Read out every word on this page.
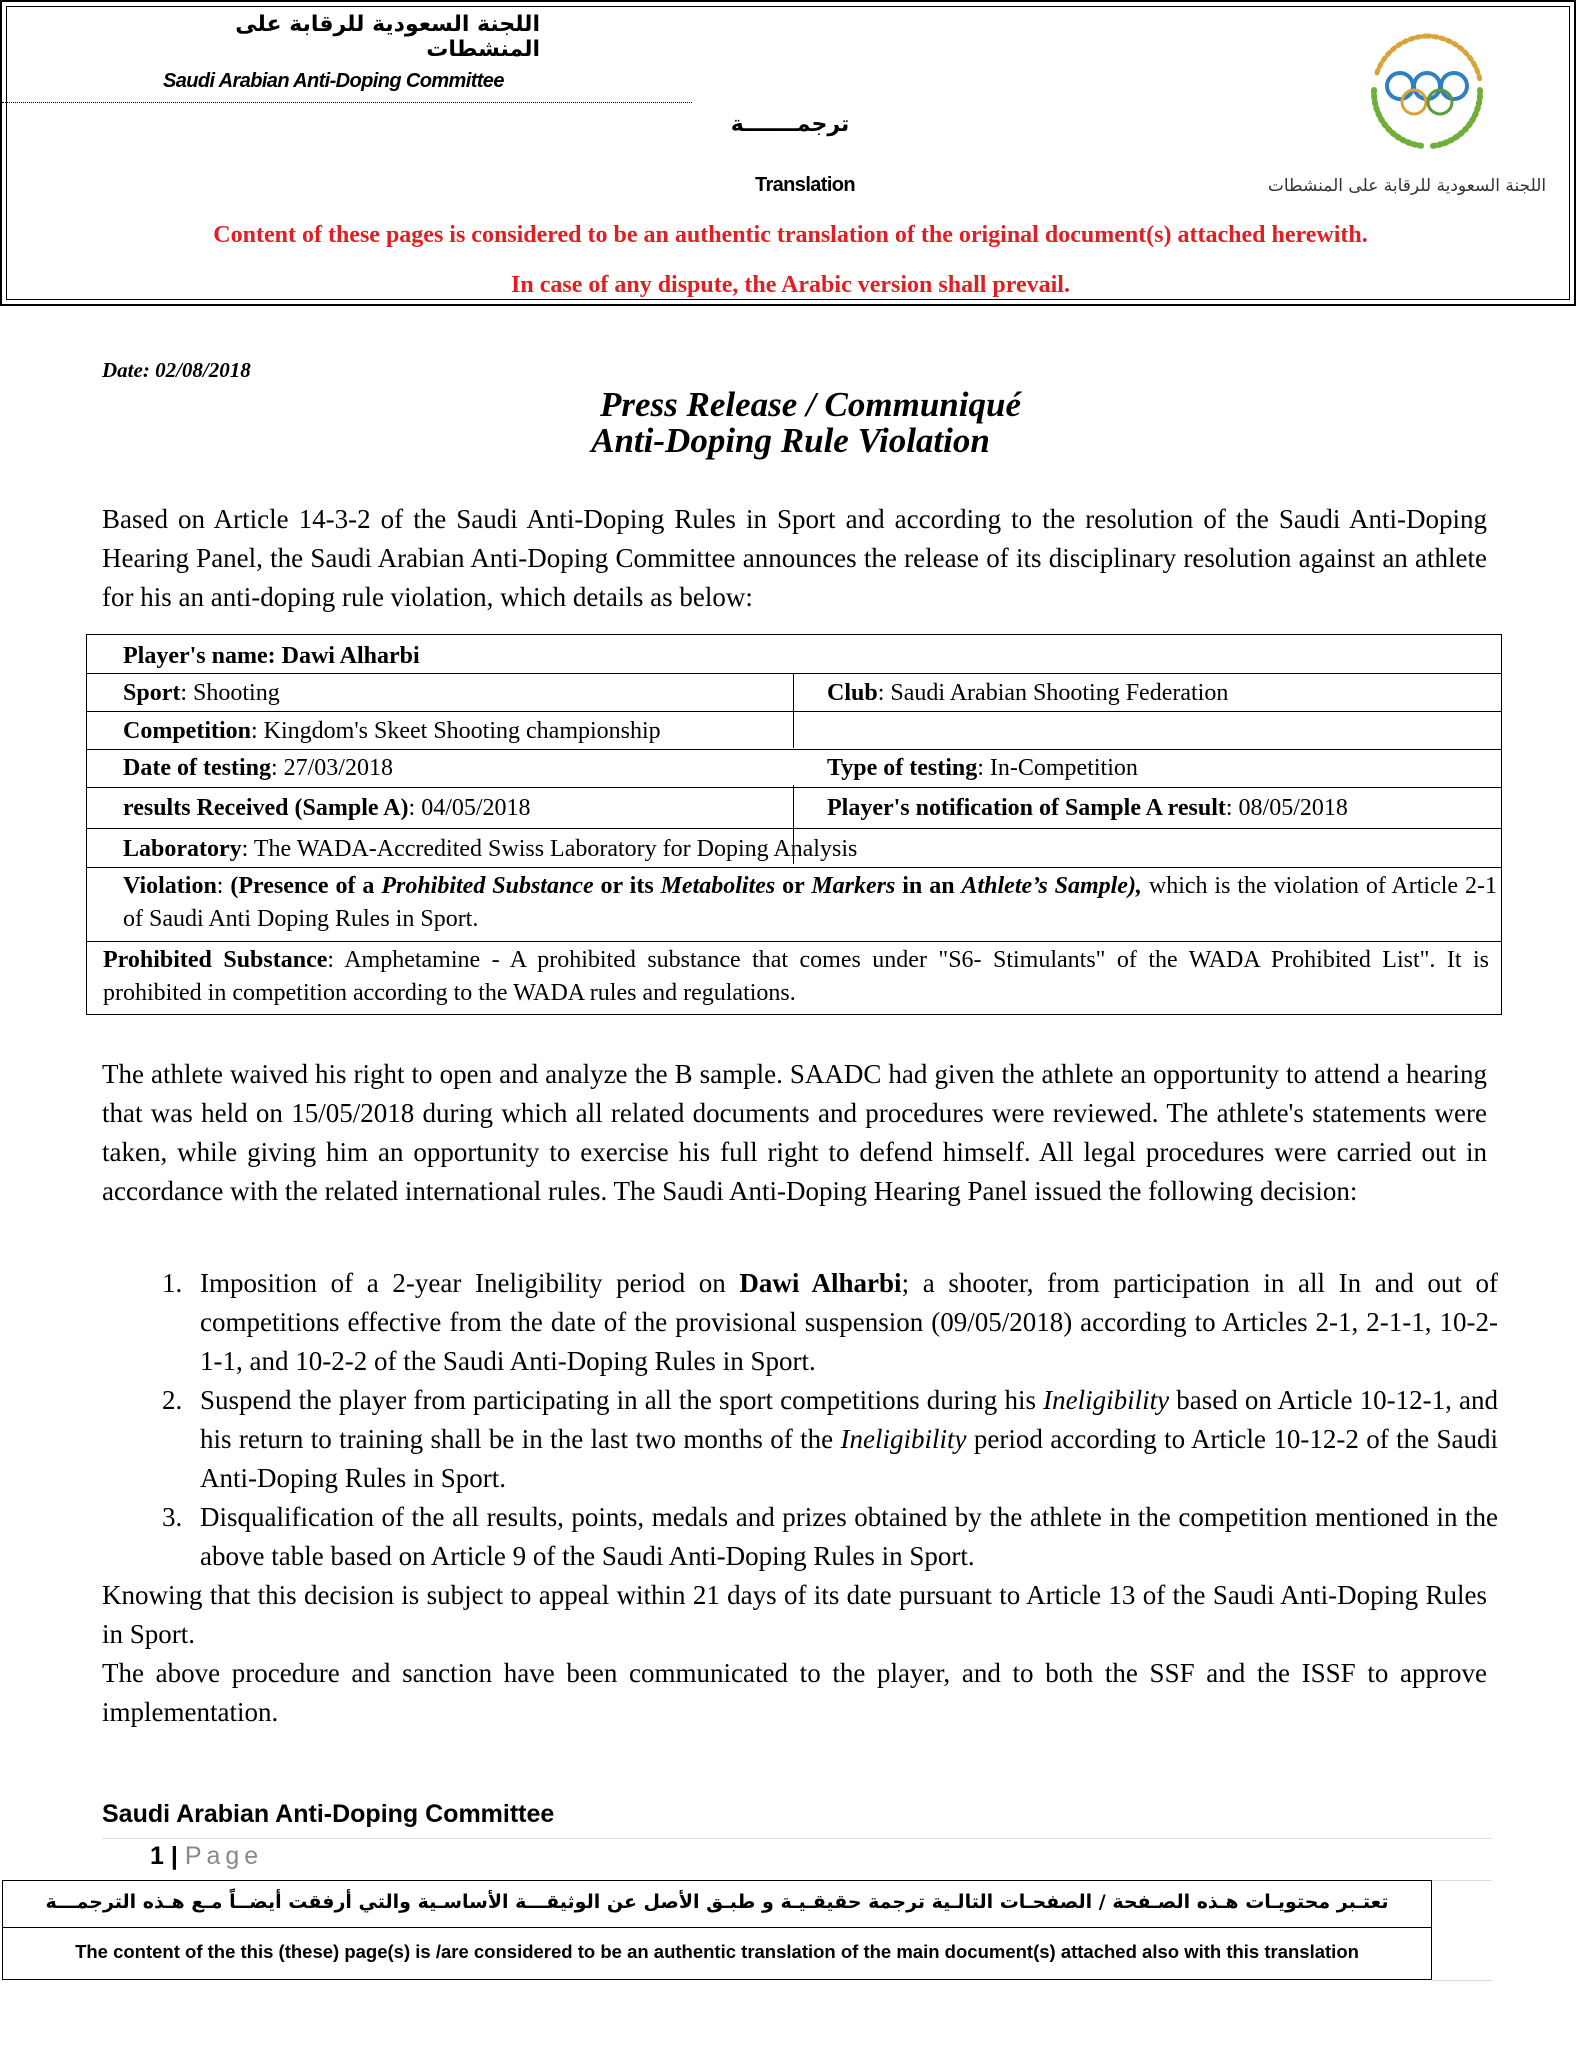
اللجنة السعودية للرقابة على المنشطات
Saudi Arabian Anti-Doping Committee
ترجمـــــــة
Translation	اللجنة السعودية للرقابة على المنشطات
Content of these pages is considered to be an authentic translation of the original document(s) attached herewith.
In case of any dispute, the Arabic version shall prevail.
Date: 02/08/2018
Press Release / Communiqué
Anti-Doping Rule Violation
Based on Article 14-3-2 of the Saudi Anti-Doping Rules in Sport and according to the resolution of the Saudi Anti-Doping Hearing Panel, the Saudi Arabian Anti-Doping Committee announces the release of its disciplinary resolution against an athlete for his an anti-doping rule violation, which details as below:
Player's name: Dawi Alharbi
Sport: Shooting	Club: Saudi Arabian Shooting Federation
Competition: Kingdom's Skeet Shooting championship
Date of testing: 27/03/2018	Type of testing: In-Competition
results Received (Sample A): 04/05/2018	Player's notification of Sample A result: 08/05/2018
Laboratory: The WADA-Accredited Swiss Laboratory for Doping Analysis
Violation: (Presence of a Prohibited Substance or its Metabolites or Markers in an Athlete’s Sample), which is the violation of Article 2-1 of Saudi Anti Doping Rules in Sport.
Prohibited Substance: Amphetamine - A prohibited substance that comes under "S6- Stimulants" of the WADA Prohibited List". It is prohibited in competition according to the WADA rules and regulations.
The athlete waived his right to open and analyze the B sample. SAADC had given the athlete an opportunity to attend a hearing that was held on 15/05/2018 during which all related documents and procedures were reviewed. The athlete's statements were taken, while giving him an opportunity to exercise his full right to defend himself. All legal procedures were carried out in accordance with the related international rules. The Saudi Anti-Doping Hearing Panel issued the following decision:
1. Imposition of a 2-year Ineligibility period on Dawi Alharbi; a shooter, from participation in all In and out of competitions effective from the date of the provisional suspension (09/05/2018) according to Articles 2-1, 2-1-1, 10-2-1-1, and 10-2-2 of the Saudi Anti-Doping Rules in Sport.
2. Suspend the player from participating in all the sport competitions during his Ineligibility based on Article 10-12-1, and his return to training shall be in the last two months of the Ineligibility period according to Article 10-12-2 of the Saudi Anti-Doping Rules in Sport.
3. Disqualification of the all results, points, medals and prizes obtained by the athlete in the competition mentioned in the above table based on Article 9 of the Saudi Anti-Doping Rules in Sport.
Knowing that this decision is subject to appeal within 21 days of its date pursuant to Article 13 of the Saudi Anti-Doping Rules in Sport.
The above procedure and sanction have been communicated to the player, and to both the SSF and the ISSF to approve implementation.
Saudi Arabian Anti-Doping Committee
1 | Page
تعتـبر محتويـات هـذه الصـفحة / الصفحـات التالـية ترجمة حقيقـيـة و طبـق الأصل عن الوثيقـــة الأساسـية والتي أرفقت أيضــاً مـع هـذه الترجمـــة
The content of the this (these) page(s) is /are considered to be an authentic translation of the main document(s) attached also with this translation
